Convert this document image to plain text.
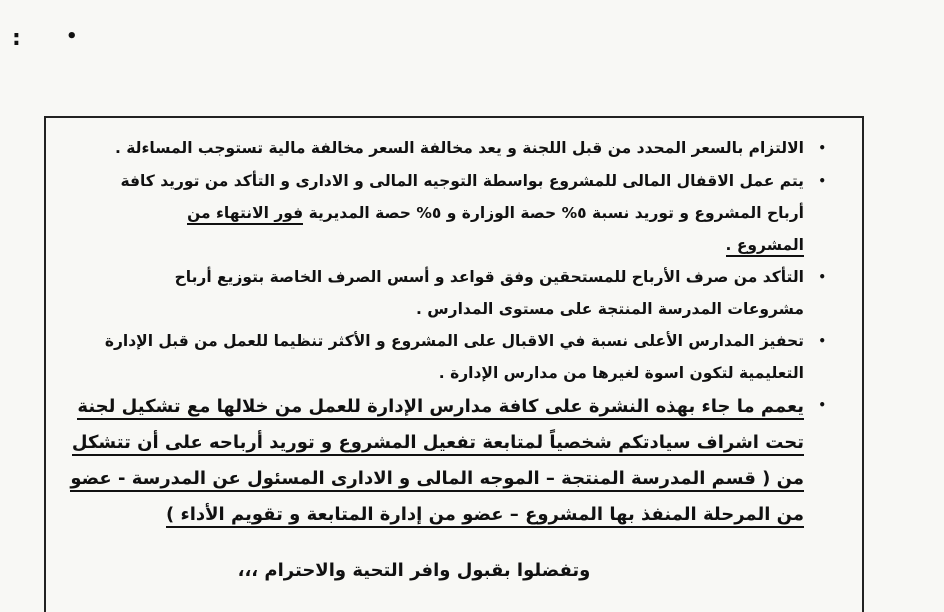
:	•
•
الالتزام بالسعر المحدد من قبل اللجنة و يعد مخالفة السعر مخالفة مالية تستوجب المساءلة .
•
يتم عمل الاقفال المالى للمشروع بواسطة التوجيه المالى و الادارى و التأكد من توريد كافة
أرباح المشروع و توريد نسبة ٥% حصة الوزارة و ٥% حصة المديرية فور الانتهاء من
المشروع .
•
التأكد من صرف الأرباح للمستحقين وفق قواعد و أسس الصرف الخاصة بتوزيع أرباح
مشروعات المدرسة المنتجة على مستوى المدارس .
•
تحفيز المدارس الأعلى نسبة في الاقبال على المشروع و الأكثر تنظيما للعمل من قبل الإدارة
التعليمية لتكون اسوة لغيرها من مدارس الإدارة .
•
يعمم ما جاء بهذه النشرة على كافة مدارس الإدارة للعمل من خلالها مع تشكيل لجنة
تحت اشراف سيادتكم شخصياً لمتابعة تفعيل المشروع و توريد أرباحه على أن تتشكل
من ( قسم المدرسة المنتجة – الموجه المالى و الادارى المسئول عن المدرسة - عضو
من المرحلة المنفذ بها المشروع – عضو من إدارة المتابعة و تقويم الأداء )
وتفضلوا بقبول وافر التحية والاحترام ،،،
